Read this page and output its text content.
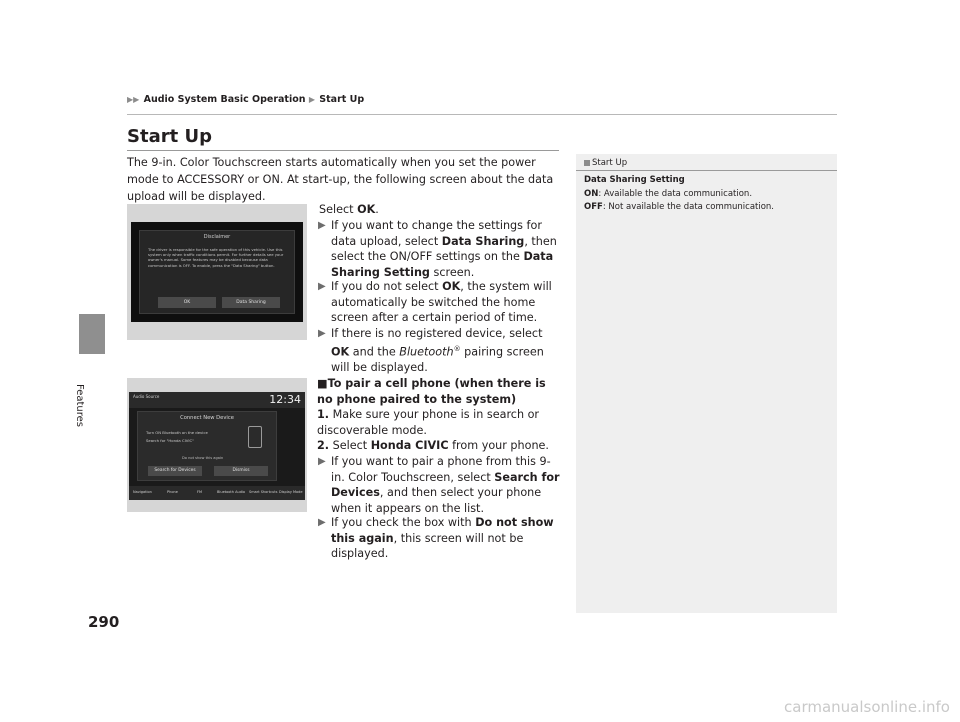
Features
▶▶ Audio System Basic Operation ▶ Start Up
Start Up
The 9-in. Color Touchscreen starts automatically when you set the power mode to ACCESSORY or ON. At start-up, the following screen about the data upload will be displayed.
Disclaimer
The driver is responsible for the safe operation of this vehicle. Use this system only when traffic conditions permit. For further details see your owner's manual. Some features may be disabled because data communication is OFF. To enable, press the "Data Sharing" button.
OK	Data Sharing
Select OK.
▶ If you want to change the settings for data upload, select Data Sharing, then select the ON/OFF settings on the Data Sharing Setting screen.
▶ If you do not select OK, the system will automatically be switched the home screen after a certain period of time.
▶ If there is no registered device, select OK and the Bluetooth® pairing screen will be displayed.
Audio Source	12:34
Connect New Device
Turn ON Bluetooth on the device
Search for "Honda CIVIC"
Do not show this again
Search for Devices	Dismiss
Navigation	Phone	FM	Bluetooth Audio Smart Shortcuts Display Mode
■To pair a cell phone (when there is no phone paired to the system)
1. Make sure your phone is in search or discoverable mode.
2. Select Honda CIVIC from your phone.
▶ If you want to pair a phone from this 9-in. Color Touchscreen, select Search for Devices, and then select your phone when it appears on the list.
▶ If you check the box with Do not show this again, this screen will not be displayed.
Start Up
Data Sharing Setting
ON: Available the data communication.
OFF: Not available the data communication.
290
carmanualsonline.info
